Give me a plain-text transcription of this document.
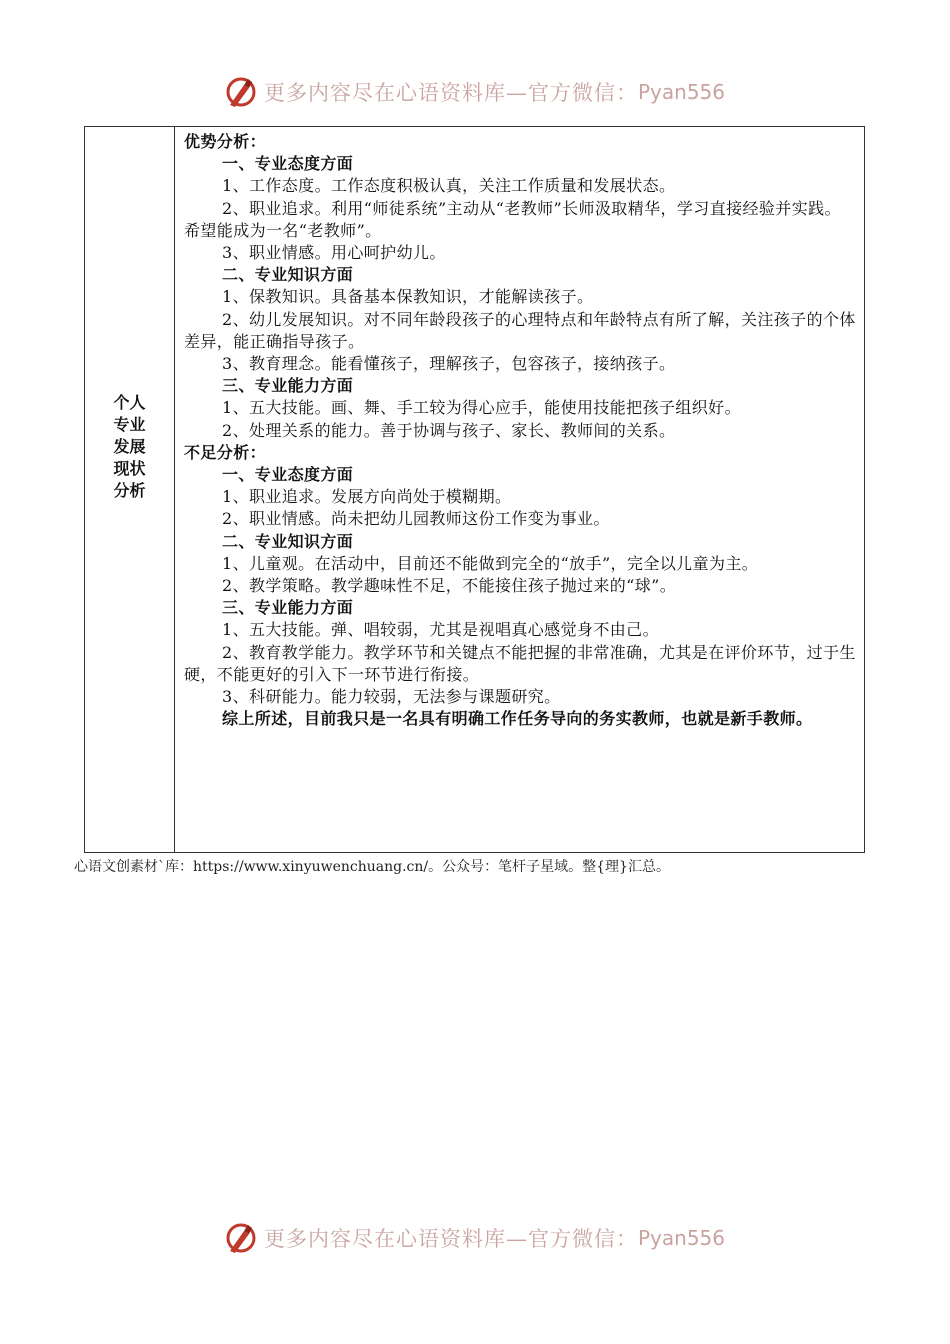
更多内容尽在心语资料库—官方微信： Pyan556
个人专业发展现状分析

优势分析：

一、专业态度方面

1、工作态度。工作态度积极认真，关注工作质量和发展状态。

2、职业追求。利用“师徒系统”主动从“老教师”长师汲取精华，学习直接经验并实践。希望能成为一名“老教师”。

3、职业情感。用心呵护幼儿。

二、专业知识方面

1、保教知识。具备基本保教知识，才能解读孩子。

2、幼儿发展知识。对不同年龄段孩子的心理特点和年龄特点有所了解，关注孩子的个体差异，能正确指导孩子。

3、教育理念。能看懂孩子，理解孩子，包容孩子，接纳孩子。

三、专业能力方面

1、五大技能。画、舞、手工较为得心应手，能使用技能把孩子组织好。

2、处理关系的能力。善于协调与孩子、家长、教师间的关系。

不足分析：

一、专业态度方面

1、职业追求。发展方向尚处于模糊期。

2、职业情感。尚未把幼儿园教师这份工作变为事业。

二、专业知识方面

1、儿童观。在活动中，目前还不能做到完全的“放手”，完全以儿童为主。

2、教学策略。教学趣味性不足，不能接住孩子抛过来的“球”。

三、专业能力方面

1、五大技能。弹、唱较弱，尤其是视唱真心感觉身不由己。

2、教育教学能力。教学环节和关键点不能把握的非常准确，尤其是在评价环节，过于生硬，不能更好的引入下一环节进行衔接。

3、科研能力。能力较弱，无法参与课题研究。

综上所述，目前我只是一名具有明确工作任务导向的务实教师，也就是新手教师。

心语文创素材`库：https://www.xinyuwenchuang.cn/。公众号：笔杆子星域。整{理}汇总。
更多内容尽在心语资料库—官方微信： Pyan556
